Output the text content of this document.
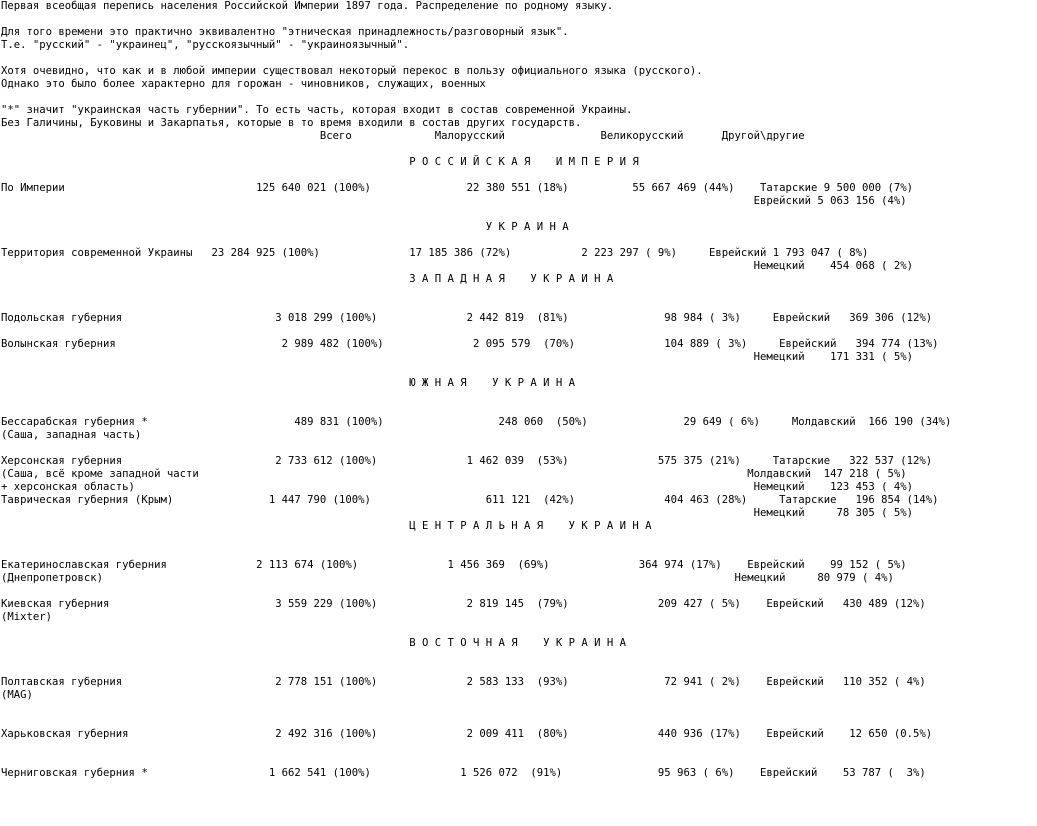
Первая всеобщая перепись населения Российской Империи 1897 года. Распределение по родному языку.

Для того времени это практично эквивалентно "этническая принадлежность/разговорный язык".
Т.е. "русский" - "украинец", "русскоязычный" - "украиноязычный".

Хотя очевидно, что как и в любой империи существовал некоторый перекос в пользу официального языка (русского).
Однако это было более характерно для горожан - чиновников, служащих, военных

"*" значит "украинская часть губернии". То есть часть, которая входит в состав современной Украины.
Без Галичины, Буковины и Закарпатья, которые в то время входили в состав других государств.
Всего             Малорусский               Великорусский      Другой\другие

Р О С С И Й С К А Я    И М П Е Р И Я

По Империи                              125 640 021 (100%)               22 380 551 (18%)          55 667 469 (44%)    Татарские 9 500 000 (7%)
Еврейский 5 063 156 (4%)

У К Р А И Н А

Территория современной Украины   23 284 925 (100%)              17 185 386 (72%)           2 223 297 ( 9%)     Еврейский 1 793 047 ( 8%)
Немецкий    454 068 ( 2%)
З А П А Д Н А Я    У К Р А И Н А

Подольская губерния                        3 018 299 (100%)              2 442 819  (81%)               98 984 ( 3%)     Еврейский   369 306 (12%)

Волынская губерния                          2 989 482 (100%)              2 095 579  (70%)              104 889 ( 3%)     Еврейский   394 774 (13%)
Немецкий    171 331 ( 5%)

Ю Ж Н А Я    У К Р А И Н А

Бессарабская губерния *                       489 831 (100%)                  248 060  (50%)               29 649 ( 6%)     Молдавский  166 190 (34%)
(Саша, западная часть)

Херсонская губерния                        2 733 612 (100%)              1 462 039  (53%)              575 375 (21%)     Татарские   322 537 (12%)
(Саша, всё кроме западной части                                                                                      Молдавский  147 218 ( 5%)
+ херсонская область)                                                                                                 Немецкий    123 453 ( 4%)
Таврическая губерния (Крым)               1 447 790 (100%)                  611 121  (42%)              404 463 (28%)     Татарские   196 854 (14%)
Немецкий     78 305 ( 5%)
Ц Е Н Т Р А Л Ь Н А Я    У К Р А И Н А

Екатеринославская губерния              2 113 674 (100%)              1 456 369  (69%)              364 974 (17%)    Еврейский    99 152 ( 5%)
(Днепропетровск)                                                                                                   Немецкий     80 979 ( 4%)

Киевская губерния                          3 559 229 (100%)              2 819 145  (79%)              209 427 ( 5%)    Еврейский   430 489 (12%)
(Mixter)

В О С Т О Ч Н А Я    У К Р А И Н А

Полтавская губерния                        2 778 151 (100%)              2 583 133  (93%)               72 941 ( 2%)    Еврейский   110 352 ( 4%)
(MAG)

Харьковская губерния                       2 492 316 (100%)              2 009 411  (80%)              440 936 (17%)    Еврейский    12 650 (0.5%)

Черниговская губерния *                   1 662 541 (100%)              1 526 072  (91%)               95 963 ( 6%)    Еврейский    53 787 (  3%)
